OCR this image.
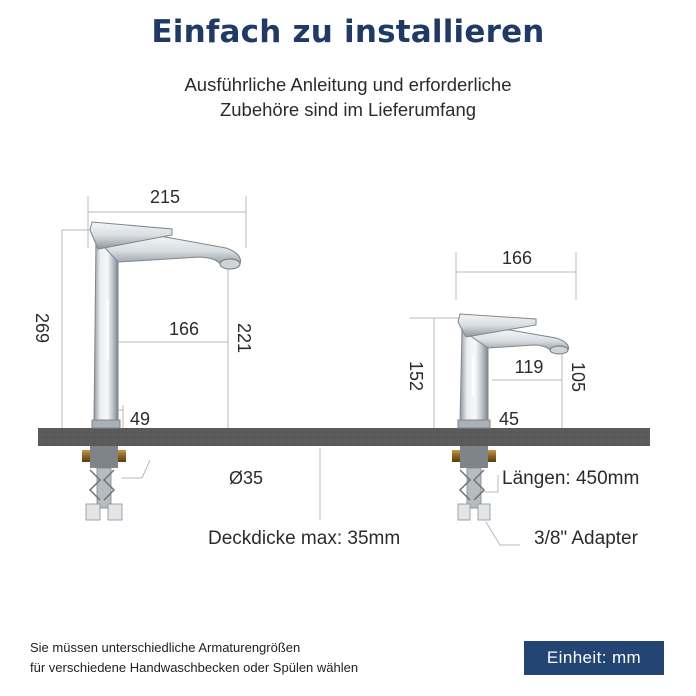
Einfach zu installieren
Ausführliche Anleitung und erforderliche
Zubehöre sind im Lieferumfang
215
269	166 221
49
Ø35
Deckdicke max: 35mm
166
152	119 105
45
Längen: 450mm
3/8" Adapter
Sie müssen unterschiedliche Armaturengrößen
für verschiedene Handwaschbecken oder Spülen wählen
Einheit: mm
